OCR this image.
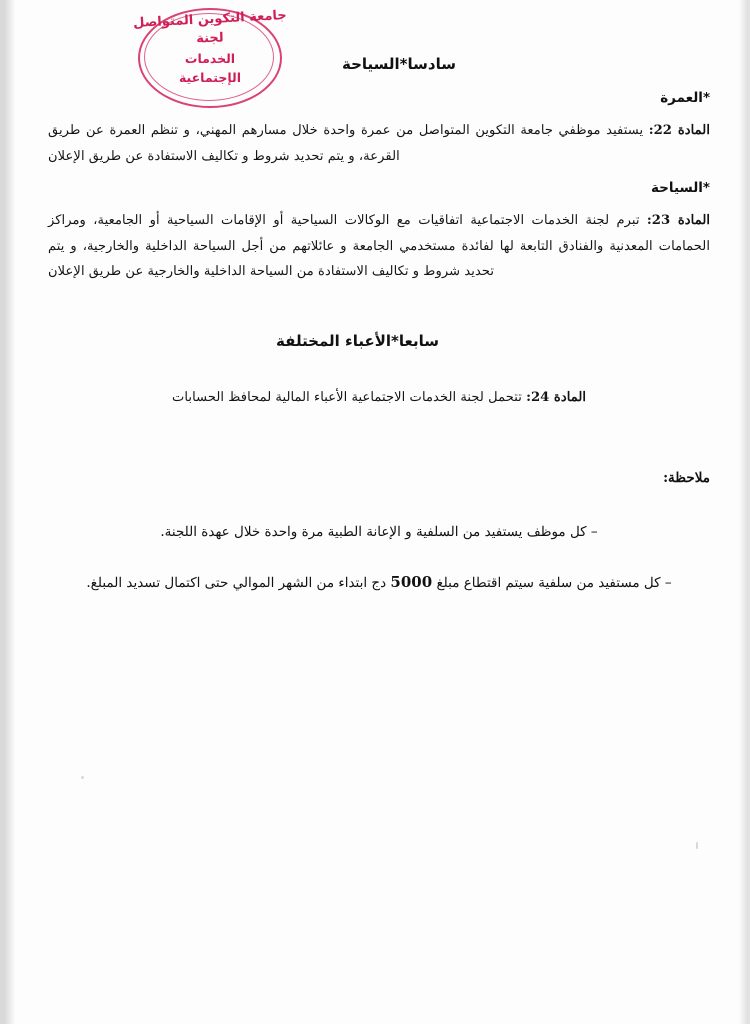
جامعة التكوين المتواصل
لجنة
الخدمات
الإجتماعية
سادسا*السياحة
*العمرة
المادة 22: يستفيد موظفي جامعة التكوين المتواصل من عمرة واحدة خلال مسارهم المهني، و تنظم العمرة عن طريق القرعة، و يتم تحديد شروط و تكاليف الاستفادة عن طريق الإعلان
*السياحة
المادة 23: تبرم لجنة الخدمات الاجتماعية اتفاقيات مع الوكالات السياحية أو الإقامات السياحية أو الجامعية، ومراكز الحمامات المعدنية والفنادق التابعة لها لفائدة مستخدمي الجامعة و عائلاتهم من أجل السياحة الداخلية والخارجية، و يتم تحديد شروط و تكاليف الاستفادة من السياحة الداخلية والخارجية عن طريق الإعلان
سابعا*الأعباء المختلفة
المادة 24: تتحمل لجنة الخدمات الاجتماعية الأعباء المالية لمحافظ الحسابات
ملاحظة:
– كل موظف يستفيد من السلفية و الإعانة الطبية مرة واحدة خلال عهدة اللجنة.
– كل مستفيد من سلفية سيتم اقتطاع مبلغ 5000 دج ابتداء من الشهر الموالي حتى اكتمال تسديد المبلغ.
